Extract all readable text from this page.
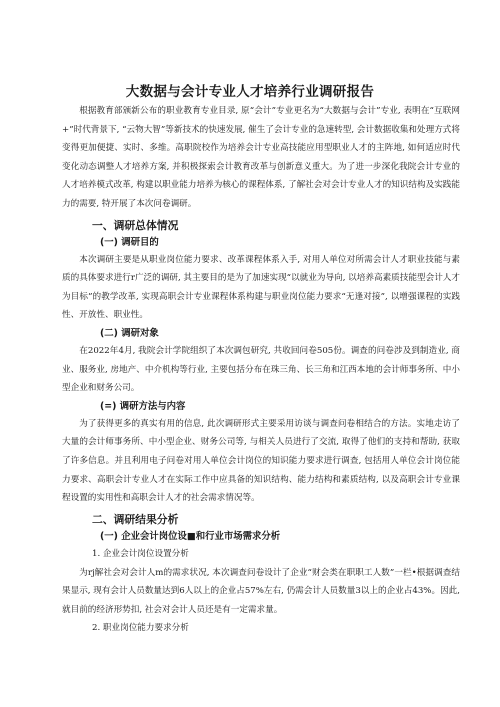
大数据与会计专业人才培养行业调研报告

根据教育部颁新公布的职业教育专业目录, 原“会计”专业更名为“大数据与会计”专业, 表明在“互联网+”时代背景下, “云物大智”等新技术的快速发展, 催生了会计专业的急速转型, 会计数据收集和处理方式将变得更加便捷、实时、多维。高职院校作为培养会计专业高技能应用型职业人才的主阵地, 如何适应时代变化动态调整人才培养方案, 并积极探索会计教育改革与创新意义重大。为了进一步深化我院会计专业的人才培养模式改革, 构建以职业能力培养为核心的课程体系, 了解社会对会计专业人才的知识结构及实践能力的需要, 特开展了本次问卷调研。

一、调研总体情况
(一) 调研目的

本次调研主要是从职业岗位能力要求、改革课程体系入手, 对用人单位对所需会计人才职业技能与素质的具体要求进行r广泛的调研, 其主要目的是为了加速实现“以就业为导向, 以培养高素质技能型会计人才为目标”的教学改革, 实现高职会计专业课程体系构建与职业岗位能力要求“无逢对接”, 以增强课程的实践性、开放性、职业性。

(二) 调研对象

在2022年4月, 我院会计学院组织了本次调包研究, 共收回问卷505份。调查的问卷涉及到制造业, 商业、服务业, 房地产、中介机构等行业, 主要包括分布在珠三角、长三角和江西本地的会计师事务所、中小型企业和财务公司。

(=) 调研方法与内容

为了获得更多的真实有用的信息, 此次调研形式主要采用访谈与调查问卷相结合的方法。实地走访了大量的会计师事务所、中小型企业、财务公司等, 与相关人员进行了交流, 取得了他们的支持和帮助, 获取了许多信息。并且利用电子问卷对用人单位会计岗位的知识能力要求进行调查, 包括用人单位会计岗位能力要求、高职会计专业人才在实际工作中应具备的知识结构、能力结构和素质结构, 以及高职会计专业课程设置的实用性和高职会计人才的社会需求情况等。

二、调研结果分析
(一) 企业会计岗位设■和行业市场需求分析
1. 企业会计岗位设置分析

为rj解社会对会计人m的需求状况, 本次调查问卷设计了企业“财会类在职职工人数”一栏•根据调查结果显示, 现有会计人员数量达到6人以上的企业占57%左右, 仍需会计人员数量3以上的企业占43%。因此, 就目前的经济形势扣, 社会对会计人员还是有一定需求量。

2. 职业岗位能力要求分析
